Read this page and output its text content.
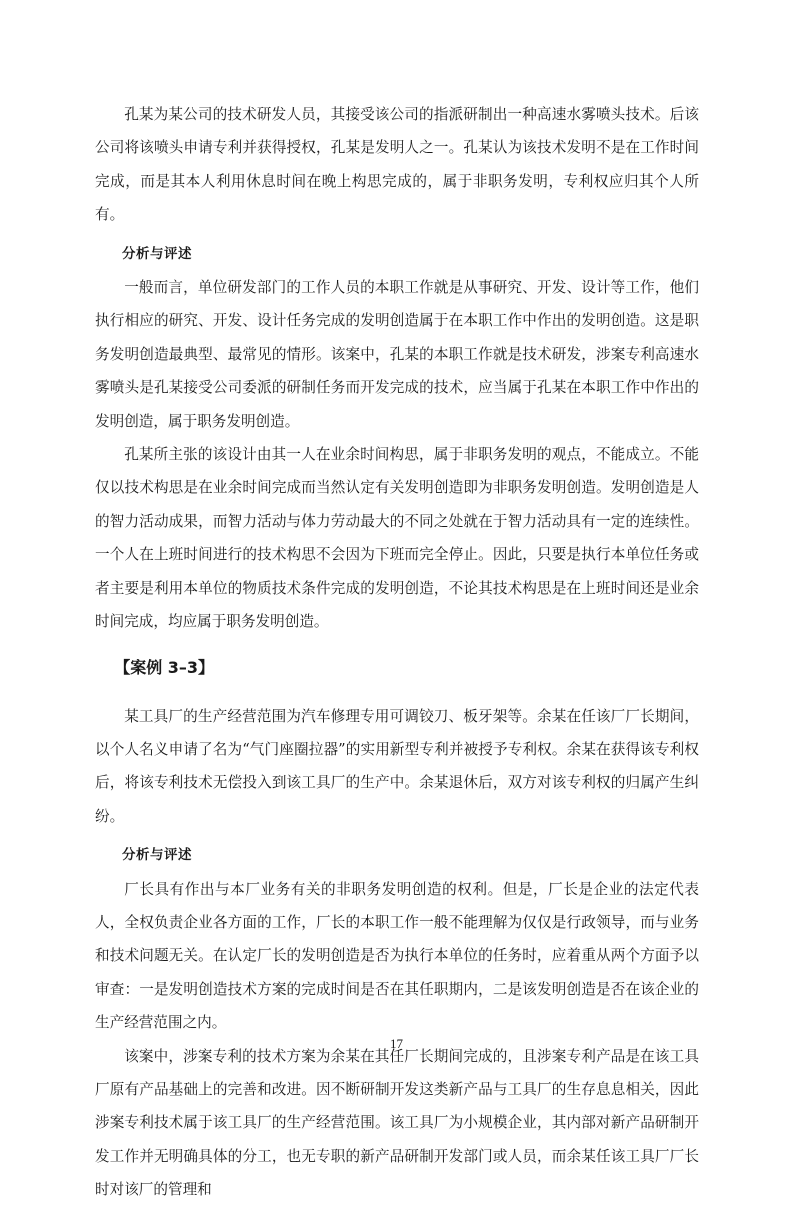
孔某为某公司的技术研发人员，其接受该公司的指派研制出一种高速水雾喷头技术。后该公司将该喷头申请专利并获得授权，孔某是发明人之一。孔某认为该技术发明不是在工作时间完成，而是其本人利用休息时间在晚上构思完成的，属于非职务发明，专利权应归其个人所有。

分析与评述

一般而言，单位研发部门的工作人员的本职工作就是从事研究、开发、设计等工作，他们执行相应的研究、开发、设计任务完成的发明创造属于在本职工作中作出的发明创造。这是职务发明创造最典型、最常见的情形。该案中，孔某的本职工作就是技术研发，涉案专利高速水雾喷头是孔某接受公司委派的研制任务而开发完成的技术，应当属于孔某在本职工作中作出的发明创造，属于职务发明创造。

孔某所主张的该设计由其一人在业余时间构思，属于非职务发明的观点，不能成立。不能仅以技术构思是在业余时间完成而当然认定有关发明创造即为非职务发明创造。发明创造是人的智力活动成果，而智力活动与体力劳动最大的不同之处就在于智力活动具有一定的连续性。一个人在上班时间进行的技术构思不会因为下班而完全停止。因此，只要是执行本单位任务或者主要是利用本单位的物质技术条件完成的发明创造，不论其技术构思是在上班时间还是业余时间完成，均应属于职务发明创造。

【案例 3–3】

某工具厂的生产经营范围为汽车修理专用可调铰刀、板牙架等。余某在任该厂厂长期间，以个人名义申请了名为“气门座圈拉器”的实用新型专利并被授予专利权。余某在获得该专利权后，将该专利技术无偿投入到该工具厂的生产中。余某退休后，双方对该专利权的归属产生纠纷。

分析与评述

厂长具有作出与本厂业务有关的非职务发明创造的权利。但是，厂长是企业的法定代表人，全权负责企业各方面的工作，厂长的本职工作一般不能理解为仅仅是行政领导，而与业务和技术问题无关。在认定厂长的发明创造是否为执行本单位的任务时，应着重从两个方面予以审查：一是发明创造技术方案的完成时间是否在其任职期内，二是该发明创造是否在该企业的生产经营范围之内。

该案中，涉案专利的技术方案为余某在其任厂长期间完成的，且涉案专利产品是在该工具厂原有产品基础上的完善和改进。因不断研制开发这类新产品与工具厂的生存息息相关，因此涉案专利技术属于该工具厂的生产经营范围。该工具厂为小规模企业，其内部对新产品研制开发工作并无明确具体的分工，也无专职的新产品研制开发部门或人员，而余某任该工具厂厂长时对该厂的管理和

17
